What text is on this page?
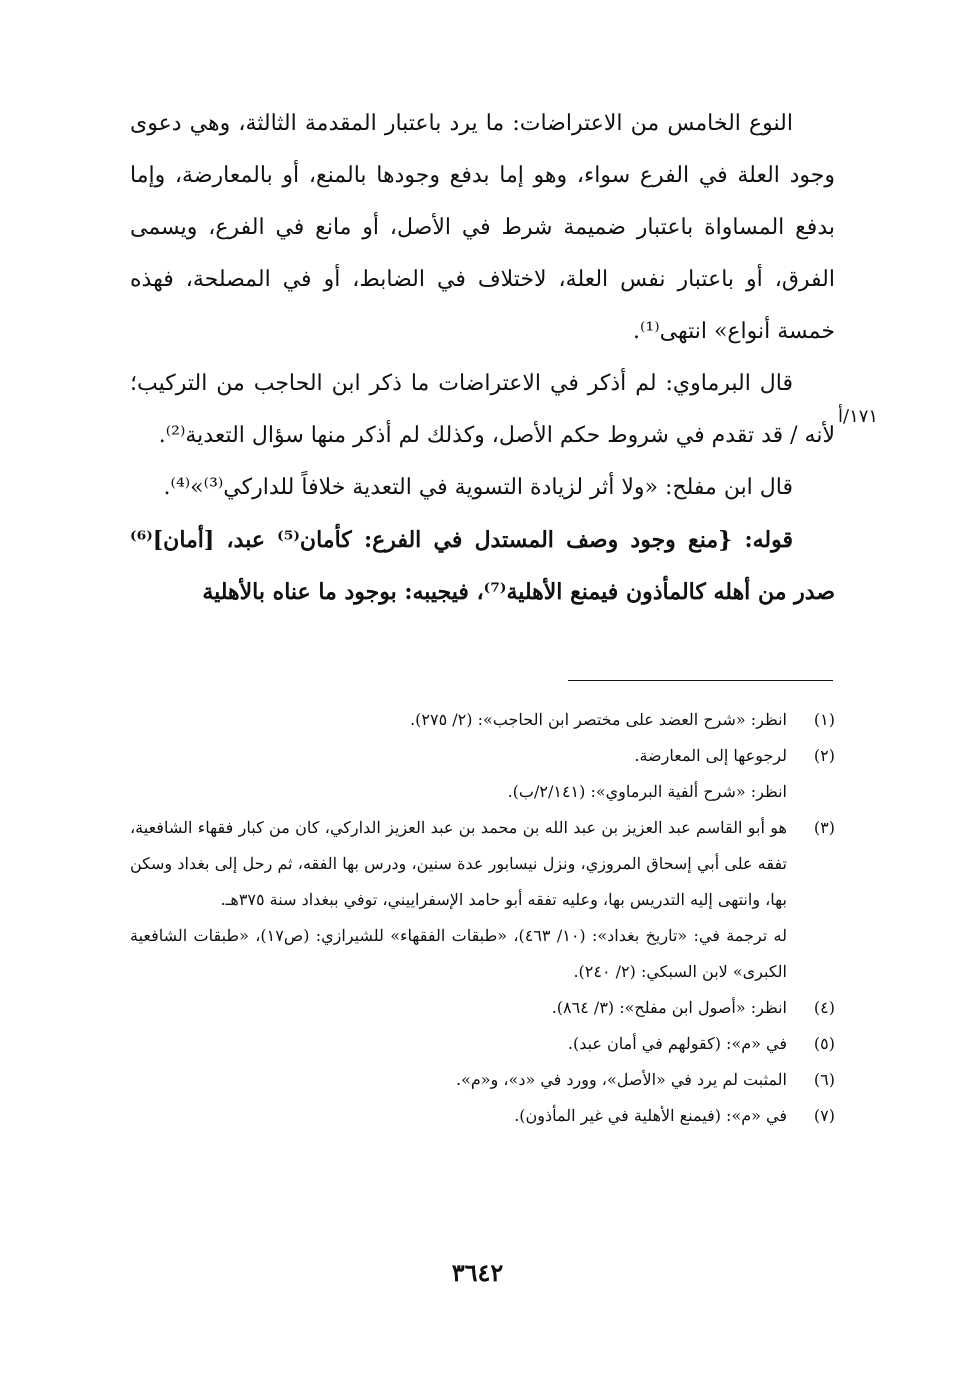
١٧١/أ

النوع الخامس من الاعتراضات: ما يرد باعتبار المقدمة الثالثة، وهي دعوى وجود العلة في الفرع سواء، وهو إما بدفع وجودها بالمنع، أو بالمعارضة، وإما بدفع المساواة باعتبار ضميمة شرط في الأصل، أو مانع في الفرع، ويسمى الفرق، أو باعتبار نفس العلة، لاختلاف في الضابط، أو في المصلحة، فهذه خمسة أنواع» انتهى⁽¹⁾.

قال البرماوي: لم أذكر في الاعتراضات ما ذكر ابن الحاجب من التركيب؛ لأنه / قد تقدم في شروط حكم الأصل، وكذلك لم أذكر منها سؤال التعدية⁽²⁾.

قال ابن مفلح: «ولا أثر لزيادة التسوية في التعدية خلافاً للداركي⁽³⁾»⁽⁴⁾.

قوله: {منع وجود وصف المستدل في الفرع: كأمان⁽⁵⁾ عبد، [أمان]⁽⁶⁾ صدر من أهله كالمأذون فيمنع الأهلية⁽⁷⁾، فيجيبه: بوجود ما عناه بالأهلية

(١)
انظر: «شرح العضد على مختصر ابن الحاجب»: (٢/ ٢٧٥).
(٢)
لرجوعها إلى المعارضة.
انظر: «شرح ألفية البرماوي»: (٢/١٤١/ب).
(٣)
هو أبو القاسم عبد العزيز بن عبد الله بن محمد بن عبد العزيز الداركي، كان من كبار فقهاء الشافعية، تفقه على أبي إسحاق المروزي، ونزل نيسابور عدة سنين، ودرس بها الفقه، ثم رحل إلى بغداد وسكن بها، وانتهى إليه التدريس بها، وعليه تفقه أبو حامد الإسفراييني، توفي ببغداد سنة ٣٧٥هـ.
له ترجمة في: «تاريخ بغداد»: (١٠/ ٤٦٣)، «طبقات الفقهاء» للشيرازي: (ص١٧)، «طبقات الشافعية الكبرى» لابن السبكي: (٢/ ٢٤٠).
(٤)
انظر: «أصول ابن مفلح»: (٣/ ٨٦٤).
(٥)
في «م»: (كقولهم في أمان عبد).
(٦)
المثبت لم يرد في «الأصل»، وورد في «د»، و«م».
(٧)
في «م»: (فيمنع الأهلية في غير المأذون).
٣٦٤٢
